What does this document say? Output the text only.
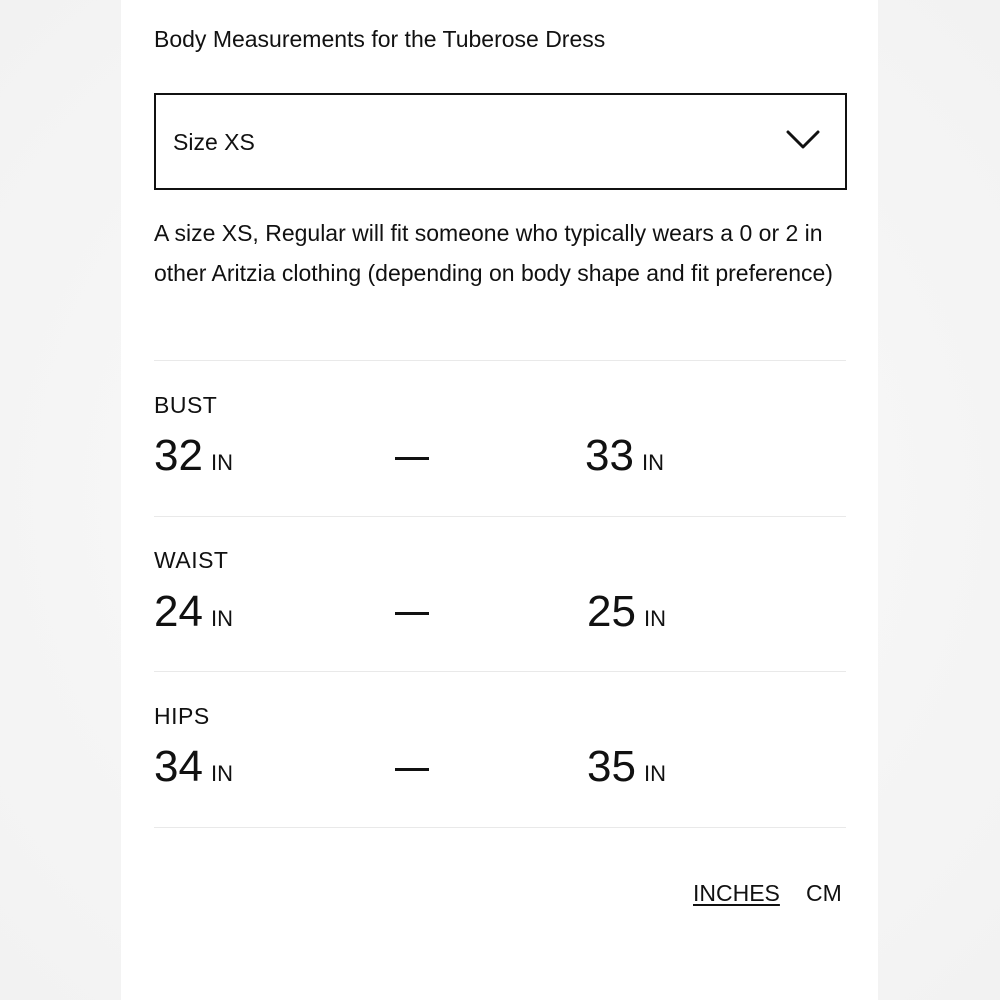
Body Measurements for the Tuberose Dress
Size XS
A size XS, Regular will fit someone who typically wears a 0 or 2 in other Aritzia clothing (depending on body shape and fit preference)
BUST
32 IN	33 IN
WAIST
24 IN	25 IN
HIPS
34 IN	35 IN
INCHES CM
